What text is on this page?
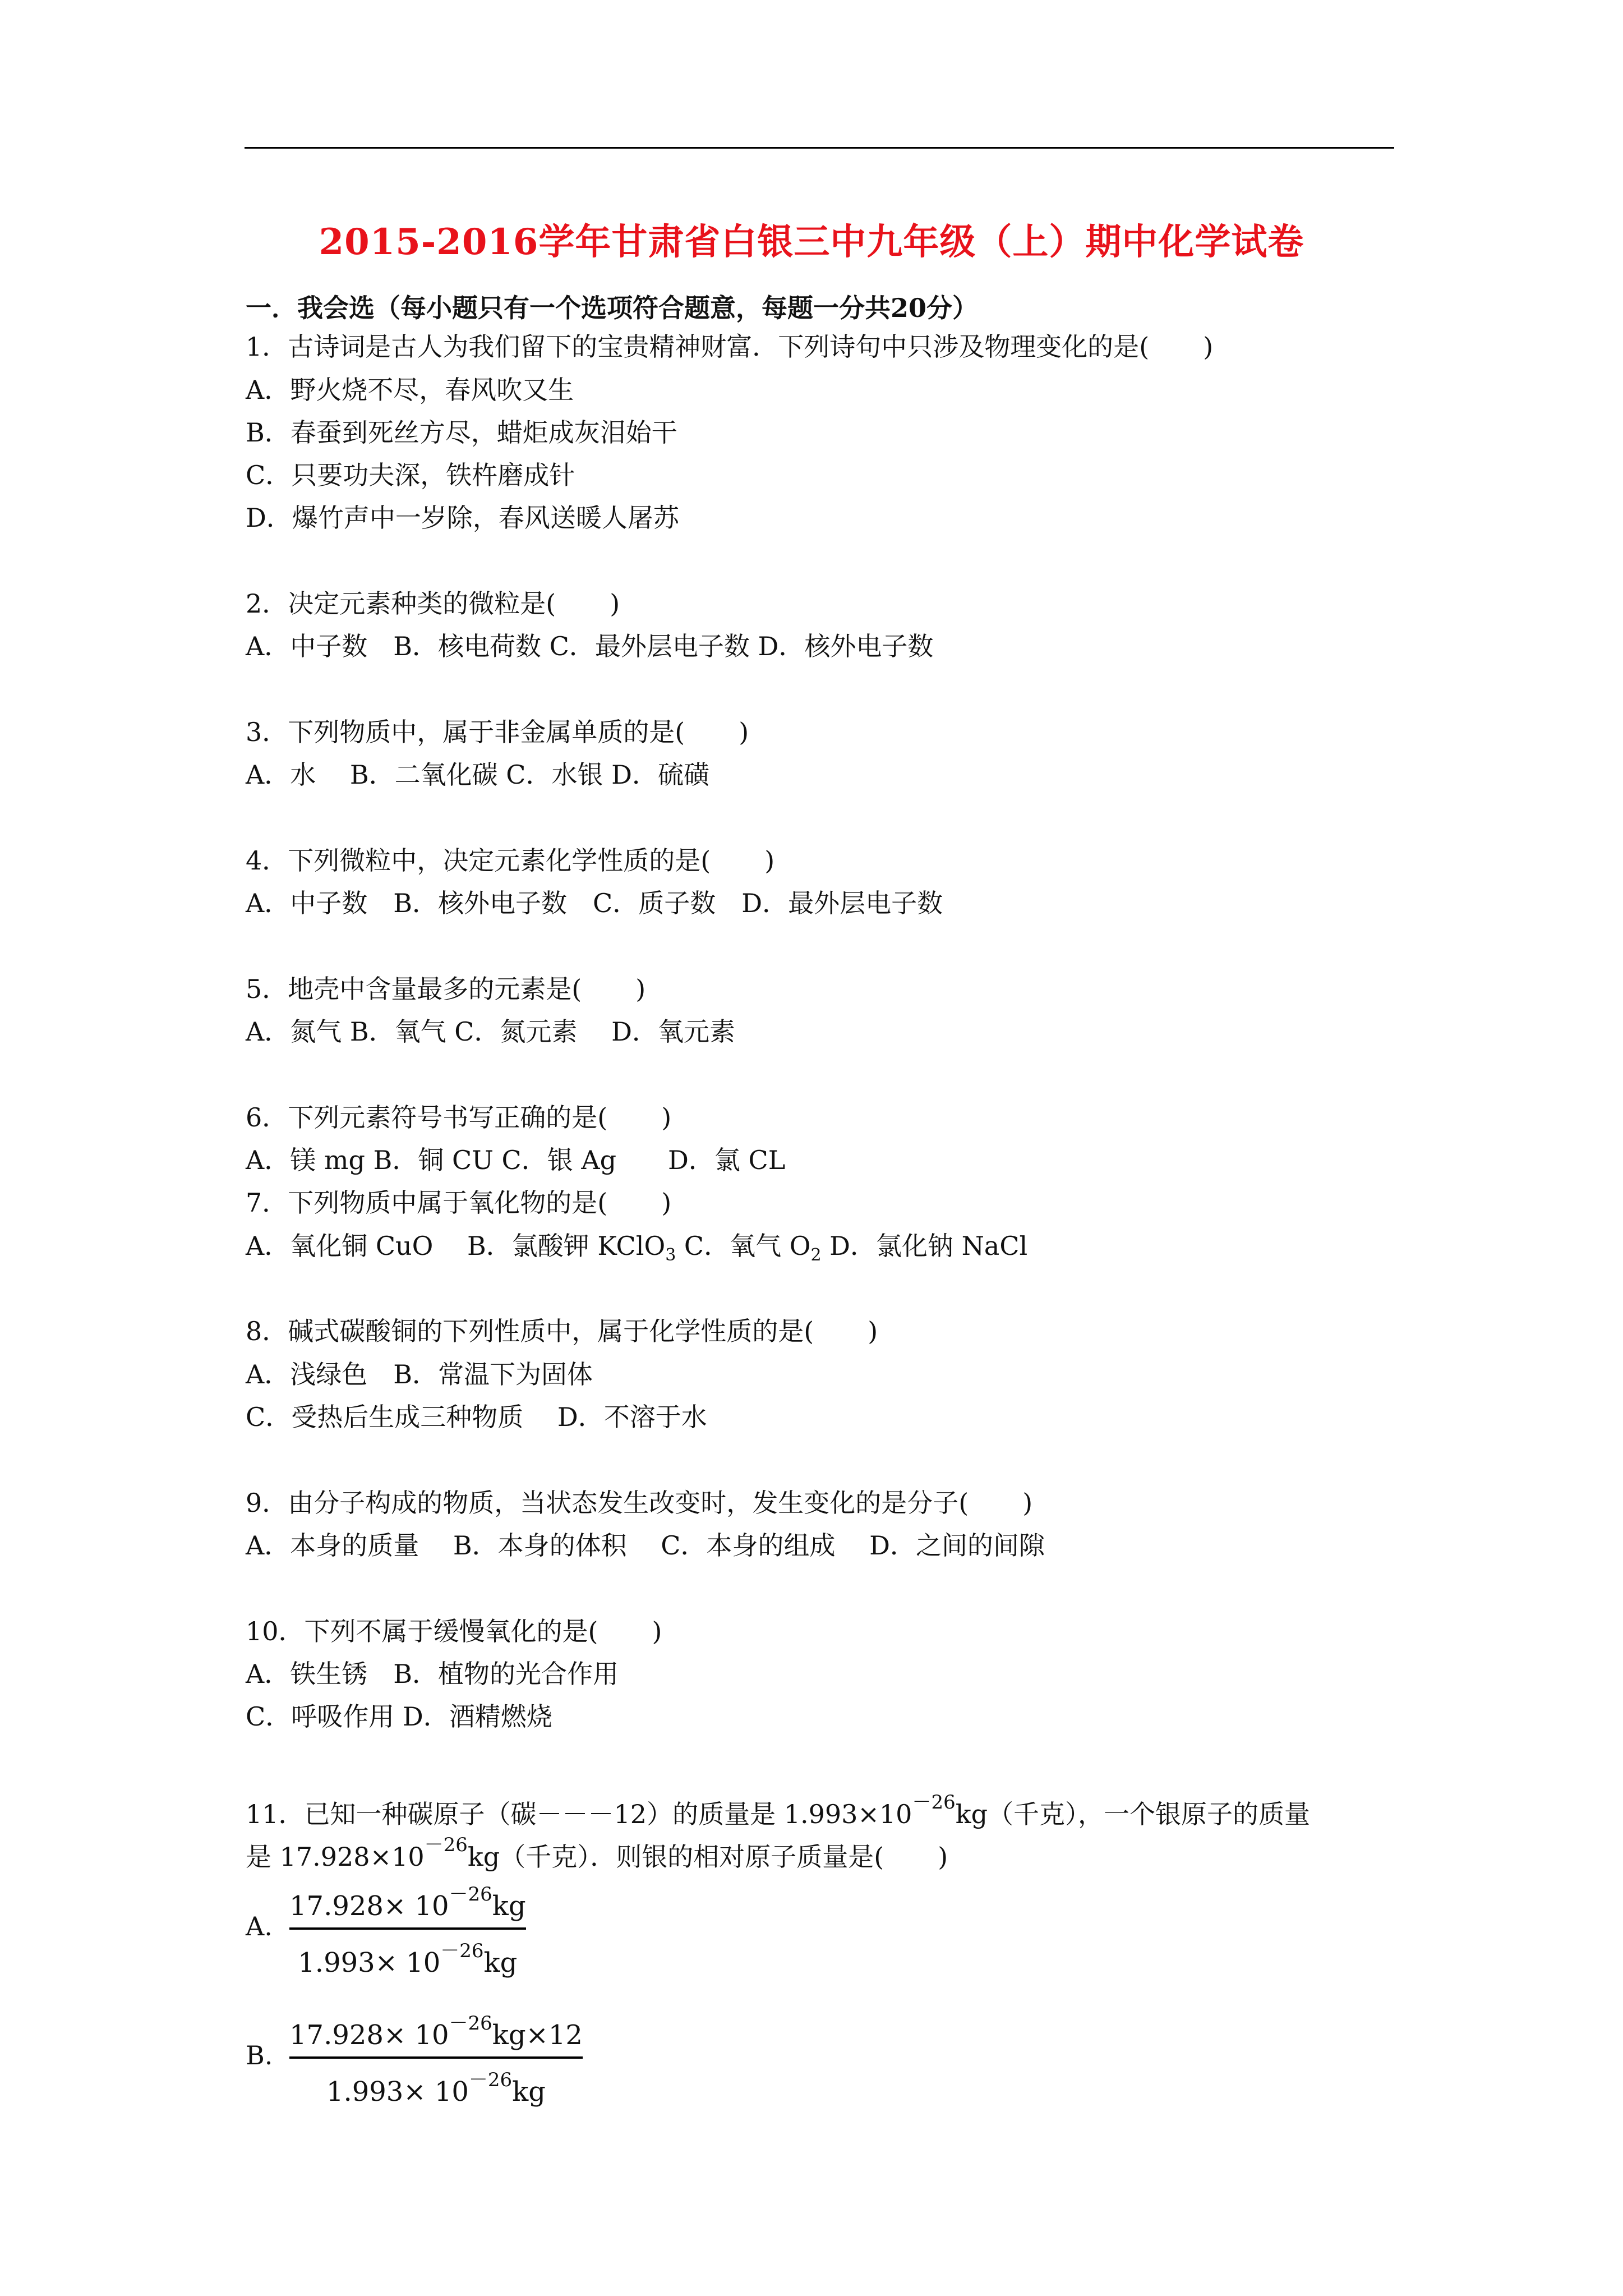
2015-2016学年甘肃省白银三中九年级（上）期中化学试卷
一．我会选（每小题只有一个选项符合题意，每题一分共20分）
1．古诗词是古人为我们留下的宝贵精神财富．下列诗句中只涉及物理变化的是( )
A．野火烧不尽，春风吹又生
B．春蚕到死丝方尽，蜡炬成灰泪始干
C．只要功夫深，铁杵磨成针
D．爆竹声中一岁除，春风送暖人屠苏
2．决定元素种类的微粒是( )
A．中子数　B．核电荷数 C．最外层电子数 D．核外电子数
3．下列物质中，属于非金属单质的是( )
A．水　 B．二氧化碳 C．水银 D．硫磺
4．下列微粒中，决定元素化学性质的是( )
A．中子数　B．核外电子数　C．质子数　D．最外层电子数
5．地壳中含量最多的元素是( )
A．氮气 B．氧气 C．氮元素　 D．氧元素
6．下列元素符号书写正确的是( )
A．镁 mg B．铜 CU C．银 Ag　　D．氯 CL
7．下列物质中属于氧化物的是( )
A．氧化铜 CuO　 B．氯酸钾 KClO$_3$ C．氧气 $O_2$ D．氯化钠 NaCl
8．碱式碳酸铜的下列性质中，属于化学性质的是( )
A．浅绿色　B．常温下为固体
C．受热后生成三种物质　 D．不溶于水
9．由分子构成的物质，当状态发生改变时，发生变化的是分子( )
A．本身的质量　 B．本身的体积　 C．本身的组成　 D．之间的间隙
10．下列不属于缓慢氧化的是( )
A．铁生锈　B．植物的光合作用
C．呼吸作用 D．酒精燃烧
11．已知一种碳原子（碳－－－12）的质量是 $1.993\times 10^{-26}kg$（千克），一个银原子的质量
是 $17.928\times 10^{-26}kg$（千克）．则银的相对原子质量是( )
A.
$17.928\times 10^{-26}kg$
$1.993\times 10^{-26}kg$
B.
$17.928\times 10^{-26}kg\times 12$
$1.993\times 10^{-26}kg$
